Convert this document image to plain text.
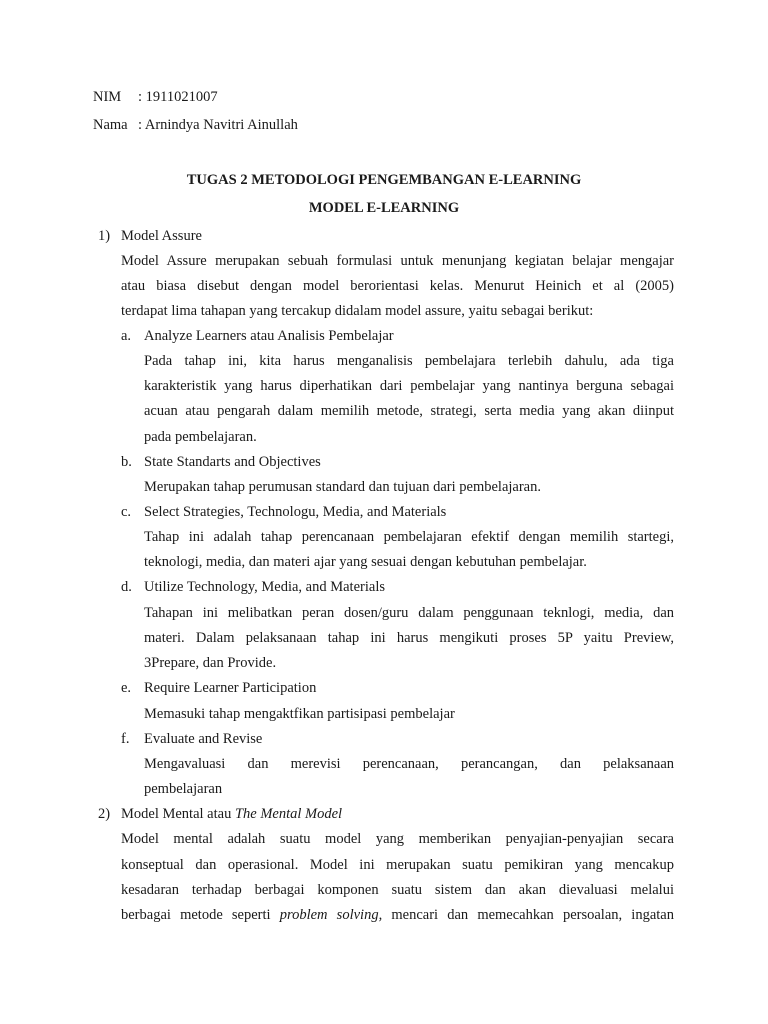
NIM : 1911021007
Nama : Arnindya Navitri Ainullah
TUGAS 2 METODOLOGI PENGEMBANGAN E-LEARNING
MODEL E-LEARNING
1) Model Assure
Model Assure merupakan sebuah formulasi untuk menunjang kegiatan belajar mengajar
atau biasa disebut dengan model berorientasi kelas. Menurut Heinich et al (2005)
terdapat lima tahapan yang tercakup didalam model assure, yaitu sebagai berikut:
a. Analyze Learners atau Analisis Pembelajar
Pada tahap ini, kita harus menganalisis pembelajara terlebih dahulu, ada tiga
karakteristik yang harus diperhatikan dari pembelajar yang nantinya berguna sebagai
acuan atau pengarah dalam memilih metode, strategi, serta media yang akan diinput
pada pembelajaran.
b. State Standarts and Objectives
Merupakan tahap perumusan standard dan tujuan dari pembelajaran.
c. Select Strategies, Technologu, Media, and Materials
Tahap ini adalah tahap perencanaan pembelajaran efektif dengan memilih startegi,
teknologi, media, dan materi ajar yang sesuai dengan kebutuhan pembelajar.
d. Utilize Technology, Media, and Materials
Tahapan ini melibatkan peran dosen/guru dalam penggunaan teknlogi, media, dan
materi. Dalam pelaksanaan tahap ini harus mengikuti proses 5P yaitu Preview,
3Prepare, dan Provide.
e. Require Learner Participation
Memasuki tahap mengaktfikan partisipasi pembelajar
f. Evaluate and Revise
Mengavaluasi dan merevisi perencanaan, perancangan, dan pelaksanaan
pembelajaran
2) Model Mental atau The Mental Model
Model mental adalah suatu model yang memberikan penyajian-penyajian secara
konseptual dan operasional. Model ini merupakan suatu pemikiran yang mencakup
kesadaran terhadap berbagai komponen suatu sistem dan akan dievaluasi melalui
berbagai metode seperti problem solving, mencari dan memecahkan persoalan, ingatan
